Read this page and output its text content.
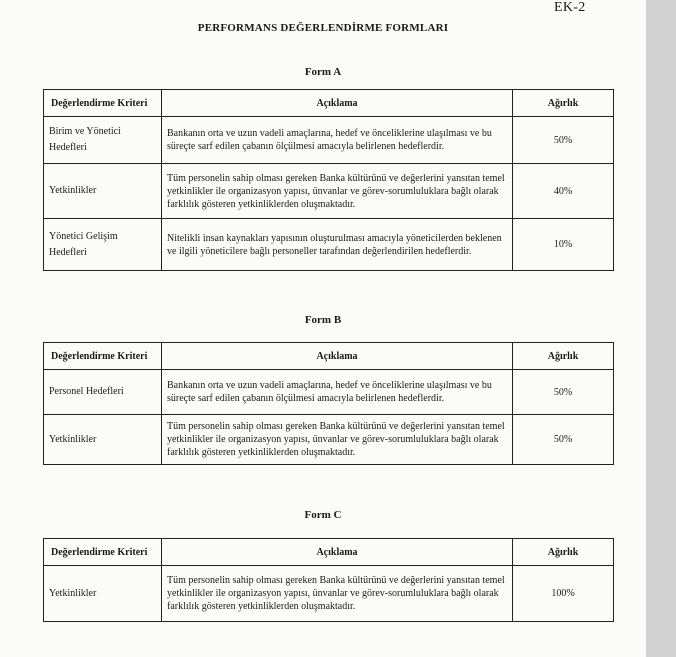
EK-2
PERFORMANS DEĞERLENDİRME FORMLARI
Form A
Değerlendirme Kriteri	Açıklama	Ağırlık
Birim ve Yönetici Hedefleri	Bankanın orta ve uzun vadeli amaçlarına, hedef ve önceliklerine ulaşılması ve bu süreçte sarf edilen çabanın ölçülmesi amacıyla belirlenen hedeflerdir.	50%
Yetkinlikler	Tüm personelin sahip olması gereken Banka kültürünü ve değerlerini yansıtan temel yetkinlikler ile organizasyon yapısı, ünvanlar ve görev-sorumluluklara bağlı olarak farklılık gösteren yetkinliklerden oluşmaktadır.	40%
Yönetici Gelişim Hedefleri	Nitelikli insan kaynakları yapısının oluşturulması amacıyla yöneticilerden beklenen ve ilgili yöneticilere bağlı personeller tarafından değerlendirilen hedeflerdir.	10%
Form B
Değerlendirme Kriteri	Açıklama	Ağırlık
Personel Hedefleri	Bankanın orta ve uzun vadeli amaçlarına, hedef ve önceliklerine ulaşılması ve bu süreçte sarf edilen çabanın ölçülmesi amacıyla belirlenen hedeflerdir.	50%
Yetkinlikler	Tüm personelin sahip olması gereken Banka kültürünü ve değerlerini yansıtan temel yetkinlikler ile organizasyon yapısı, ünvanlar ve görev-sorumluluklara bağlı olarak farklılık gösteren yetkinliklerden oluşmaktadır.	50%
Form C
Değerlendirme Kriteri	Açıklama	Ağırlık
Yetkinlikler	Tüm personelin sahip olması gereken Banka kültürünü ve değerlerini yansıtan temel yetkinlikler ile organizasyon yapısı, ünvanlar ve görev-sorumluluklara bağlı olarak farklılık gösteren yetkinliklerden oluşmaktadır.	100%
